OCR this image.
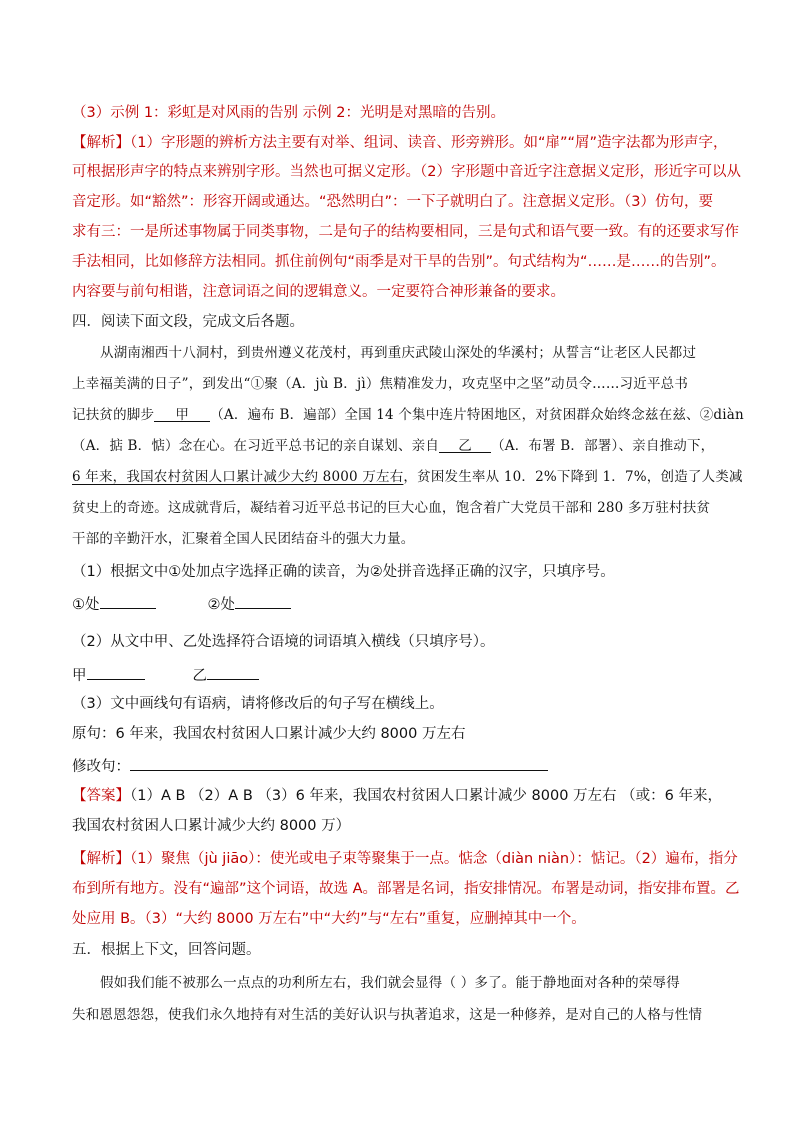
（3）示例 1：彩虹是对风雨的告别 示例 2：光明是对黑暗的告别。
【解析】（1）字形题的辨析方法主要有对举、组词、读音、形旁辨形。如“扉”“屑”造字法都为形声字，
可根据形声字的特点来辨别字形。当然也可据义定形。（2）字形题中音近字注意据义定形，形近字可以从
音定形。如“豁然”：形容开阔或通达。“恐然明白”：一下子就明白了。注意据义定形。（3）仿句，要
求有三：一是所述事物属于同类事物，二是句子的结构要相同，三是句式和语气要一致。有的还要求写作
手法相同，比如修辞方法相同。抓住前例句“雨季是对干旱的告别”。句式结构为“……是……的告别”。
内容要与前句相谐，注意词语之间的逻辑意义。一定要符合神形兼备的要求。
四．阅读下面文段，完成文后各题。
从湖南湘西十八洞村，到贵州遵义花茂村，再到重庆武陵山深处的华溪村；从誓言“让老区人民都过
上幸福美满的日子”，到发出“①聚（A．jù B．jì）焦精准发力，攻克坚中之坚”动员令……习近平总书
记扶贫的脚步 甲 （A．遍布 B．遍部）全国 14 个集中连片特困地区，对贫困群众始终念兹在兹、②diàn
（A．掂 B．惦）念在心。在习近平总书记的亲自谋划、亲自 乙 （A．布署 B．部署）、亲自推动下，
6 年来，我国农村贫困人口累计减少大约 8000 万左右，贫困发生率从 10．2%下降到 1．7%，创造了人类减
贫史上的奇迹。这成就背后，凝结着习近平总书记的巨大心血，饱含着广大党员干部和 280 多万驻村扶贫
干部的辛勤汗水，汇聚着全国人民团结奋斗的强大力量。
（1）根据文中①处加点字选择正确的读音，为②处拼音选择正确的汉字，只填序号。
①处	②处
（2）从文中甲、乙处选择符合语境的词语填入横线（只填序号）。
甲	乙
（3）文中画线句有语病，请将修改后的句子写在横线上。
原句：6 年来，我国农村贫困人口累计减少大约 8000 万左右
修改句：
【答案】（1）A B （2）A B （3）6 年来，我国农村贫困人口累计减少 8000 万左右 （或：6 年来，
我国农村贫困人口累计减少大约 8000 万）
【解析】（1）聚焦（jù jiāo）：使光或电子束等聚集于一点。惦念（diàn niàn）：惦记。（2）遍布，指分
布到所有地方。没有“遍部”这个词语，故选 A。部署是名词，指安排情况。布署是动词，指安排布置。乙
处应用 B。（3）“大约 8000 万左右”中“大约”与“左右”重复，应删掉其中一个。
五．根据上下文，回答问题。
假如我们能不被那么一点点的功利所左右，我们就会显得（ ）多了。能于静地面对各种的荣辱得
失和恩恩怨怨，使我们永久地持有对生活的美好认识与执著追求，这是一种修养，是对自己的人格与性情
